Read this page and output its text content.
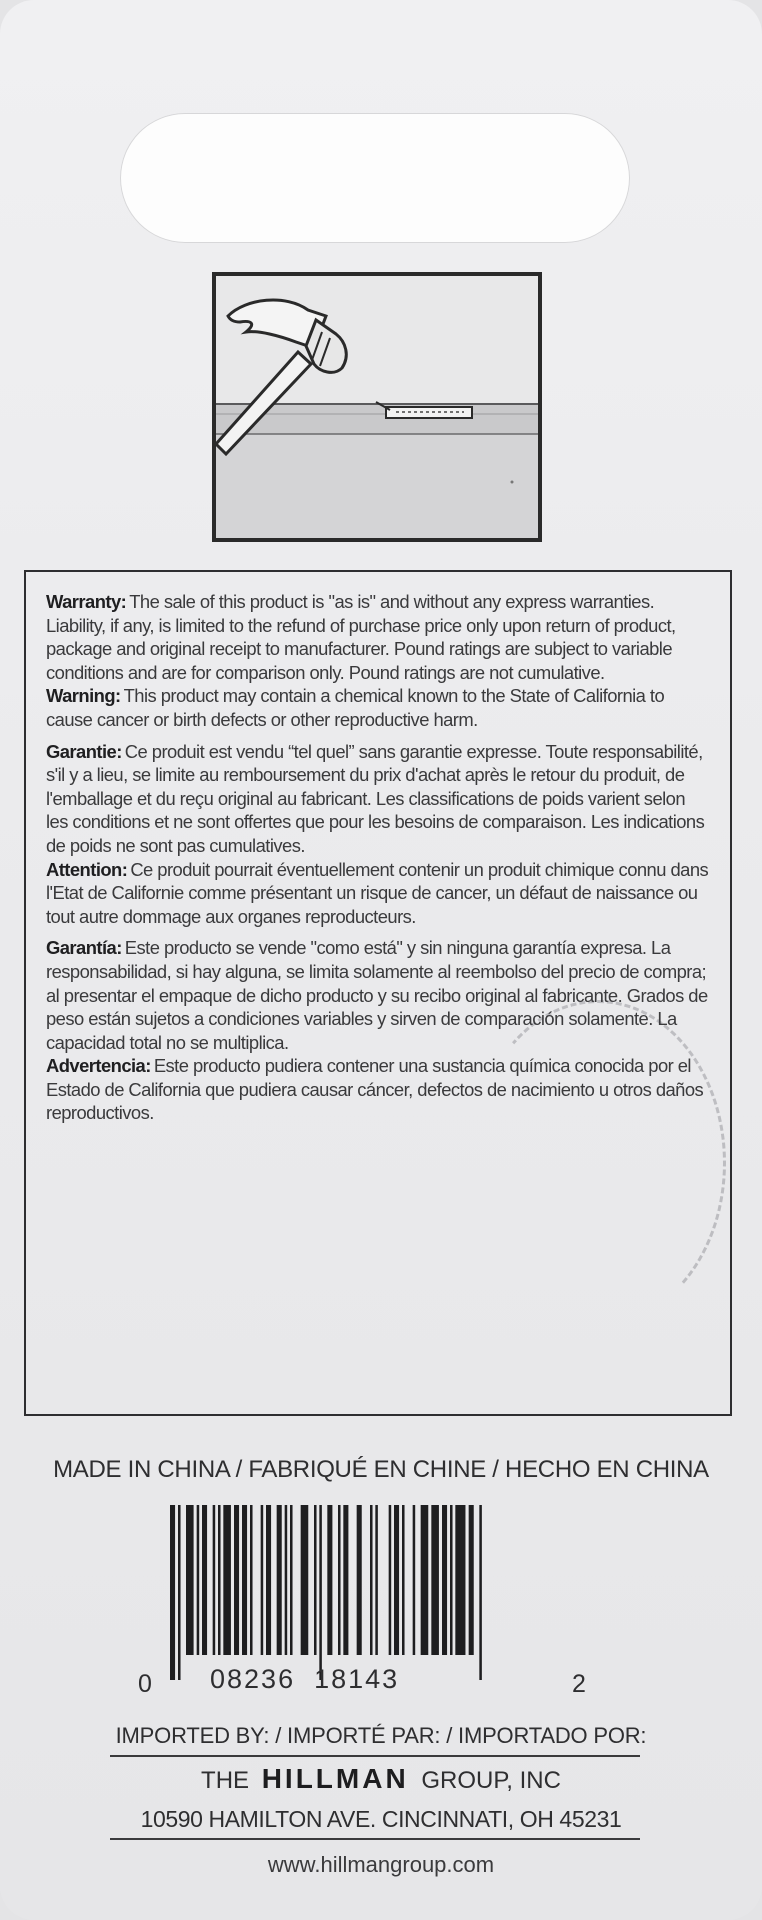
Warranty: The sale of this product is "as is" and without any express warranties. Liability, if any, is limited to the refund of purchase price only upon return of product, package and original receipt to manufacturer. Pound ratings are subject to variable conditions and are for comparison only. Pound ratings are not cumulative.

Warning: This product may contain a chemical known to the State of California to cause cancer or birth defects or other reproductive harm.

Garantie: Ce produit est vendu “tel quel” sans garantie expresse. Toute responsabilité, s'il y a lieu, se limite au remboursement du prix d'achat après le retour du produit, de l'emballage et du reçu original au fabricant. Les classifications de poids varient selon les conditions et ne sont offertes que pour les besoins de comparaison. Les indications de poids ne sont pas cumulatives.

Attention: Ce produit pourrait éventuellement contenir un produit chimique connu dans l'Etat de Californie comme présentant un risque de cancer, un défaut de naissance ou tout autre dommage aux organes reproducteurs.

Garantía: Este producto se vende "como está" y sin ninguna garantía expresa. La responsabilidad, si hay alguna, se limita solamente al reembolso del precio de compra; al presentar el empaque de dicho producto y su recibo original al fabricante. Grados de peso están sujetos a condiciones variables y sirven de comparación solamente. La capacidad total no se multiplica.

Advertencia: Este producto pudiera contener una sustancia química conocida por el Estado de California que pudiera causar cáncer, defectos de nacimiento u otros daños reproductivos.

MADE IN CHINA / FABRIQUÉ EN CHINE / HECHO EN CHINA
0 08236  18143	2
IMPORTED BY: / IMPORTÉ PAR: / IMPORTADO POR:
THE HILLMAN GROUP, INC
10590 HAMILTON AVE. CINCINNATI, OH 45231
www.hillmangroup.com
